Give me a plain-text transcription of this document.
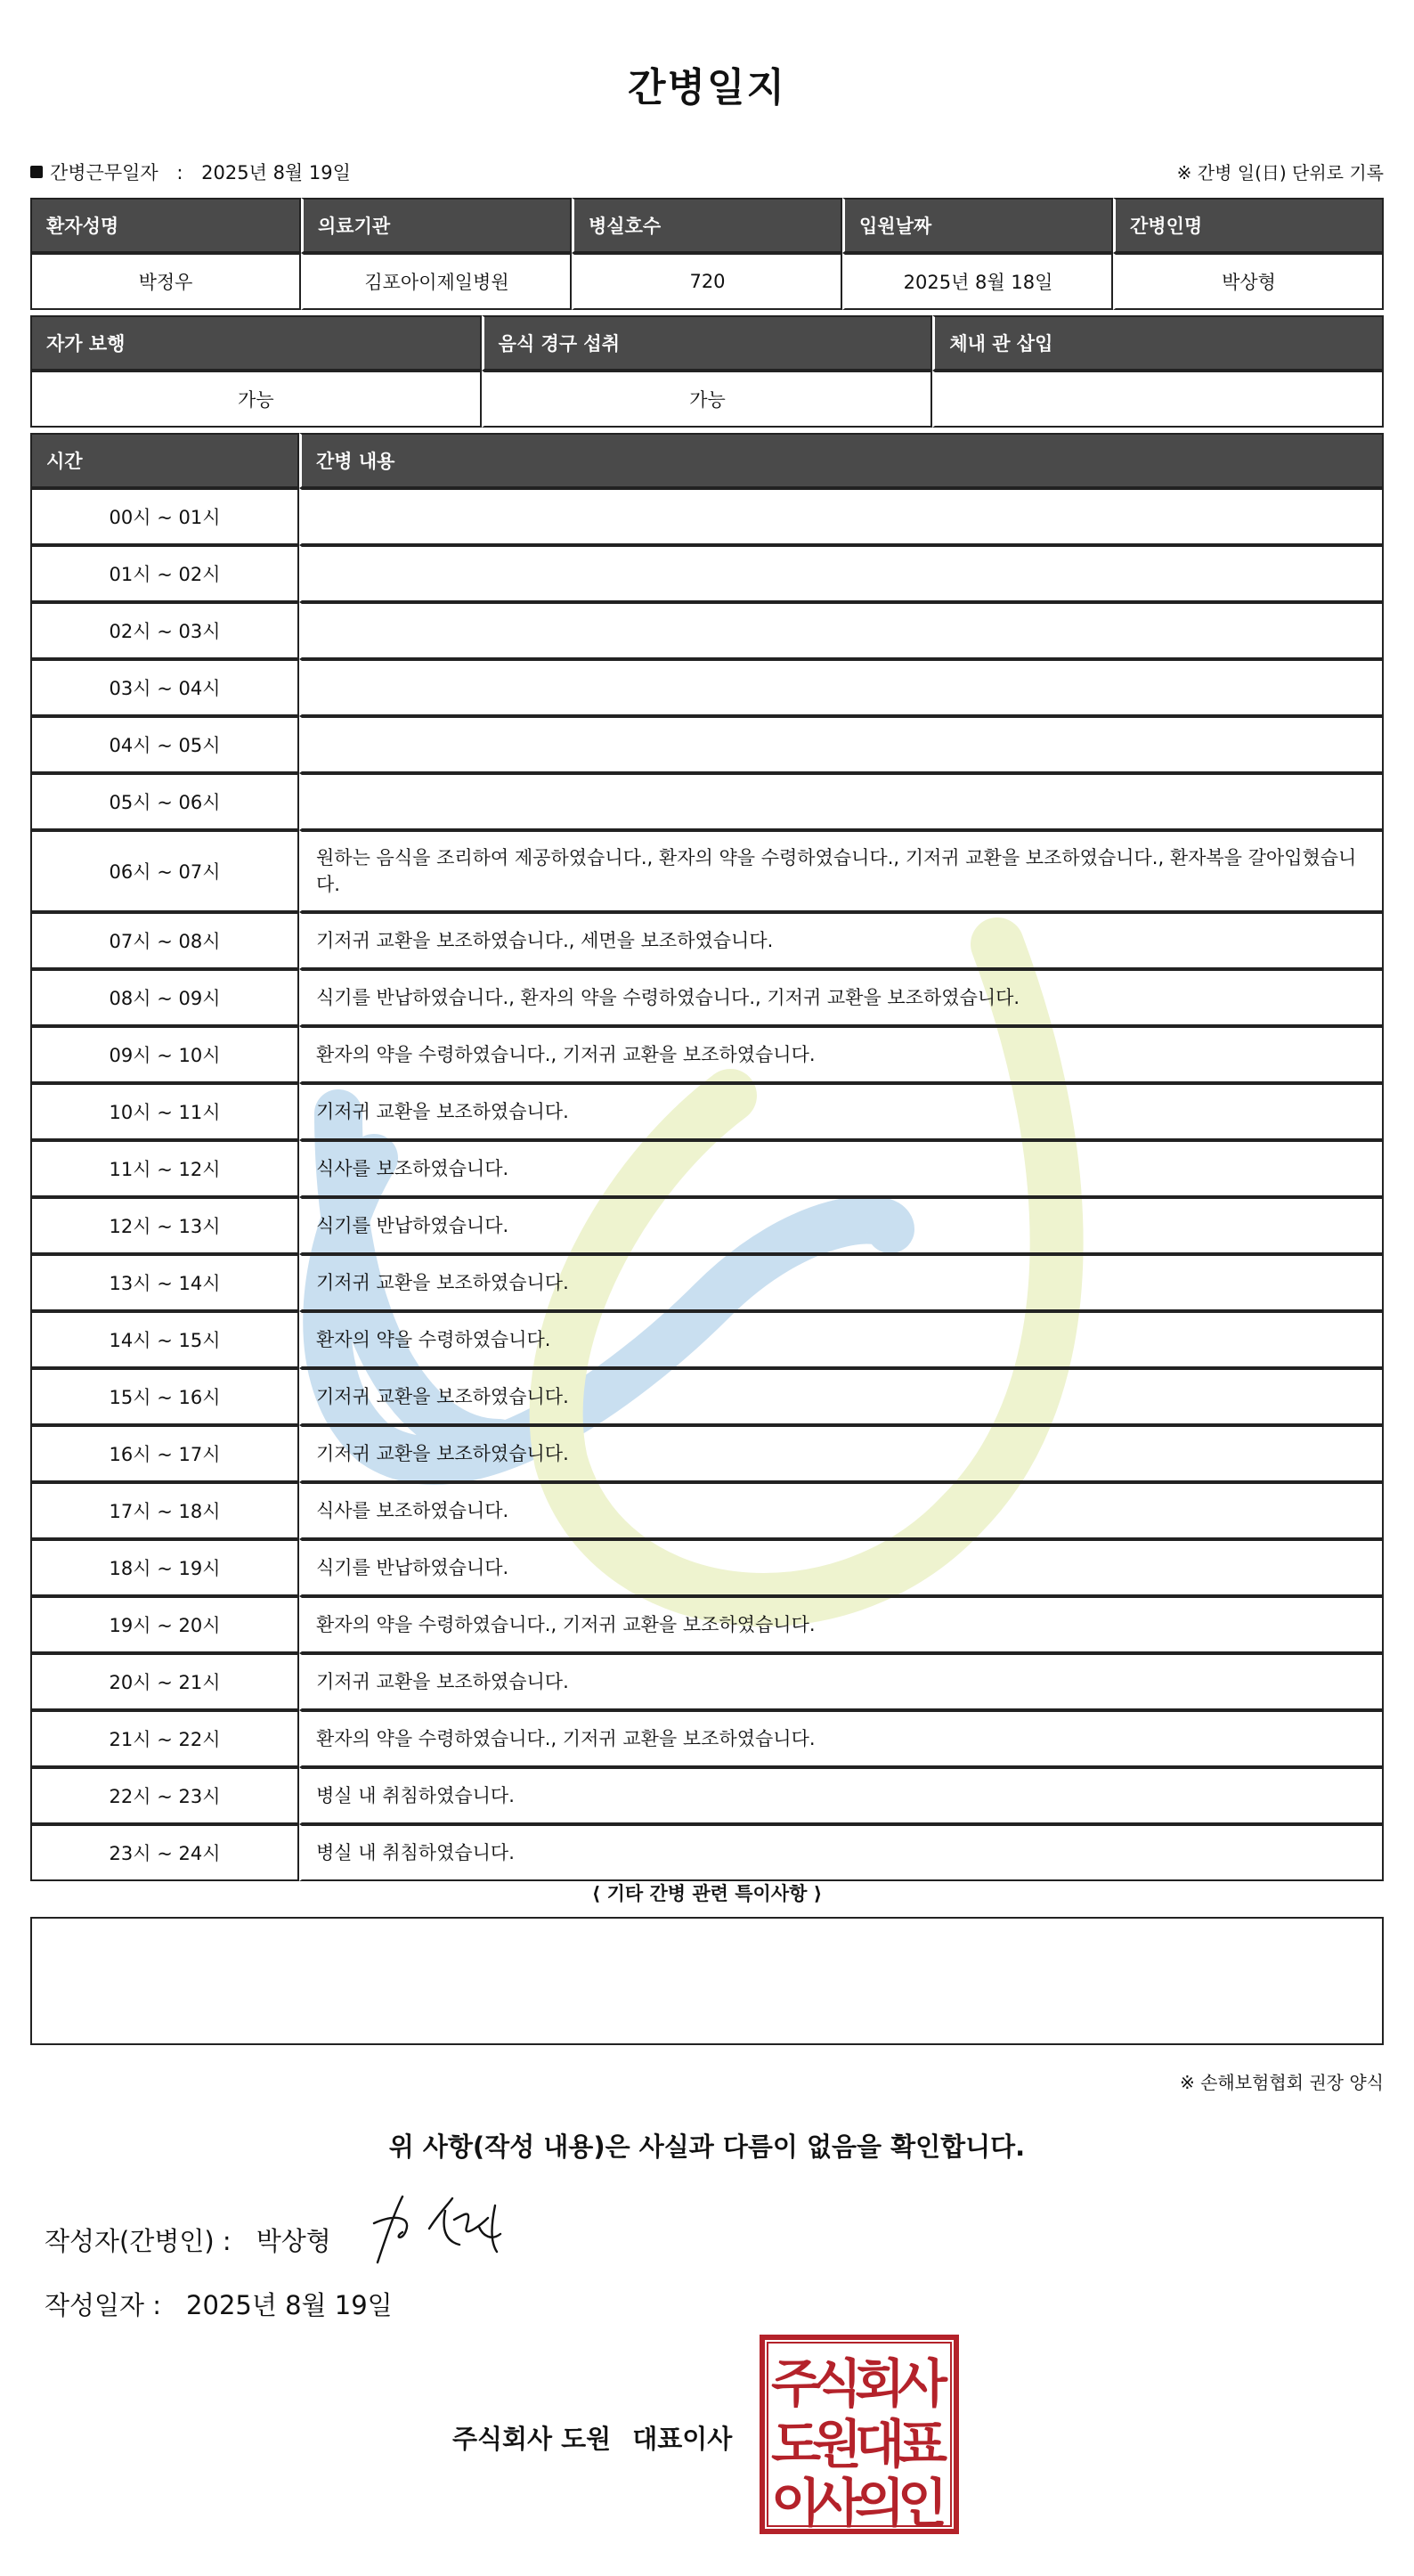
간병일지
간병근무일자 : 2025년 8월 19일	※ 간병 일(日) 단위로 기록
환자성명	의료기관	병실호수	입원날짜	간병인명
박정우	김포아이제일병원	720	2025년 8월 18일	박상형
자가 보행	음식 경구 섭취	체내 관 삽입
가능	가능	
시간	간병 내용
00시 ~ 01시	
01시 ~ 02시	
02시 ~ 03시	
03시 ~ 04시	
04시 ~ 05시	
05시 ~ 06시	
06시 ~ 07시	원하는 음식을 조리하여 제공하였습니다., 환자의 약을 수령하였습니다., 기저귀 교환을 보조하였습니다., 환자복을 갈아입혔습니다.
07시 ~ 08시	기저귀 교환을 보조하였습니다., 세면을 보조하였습니다.
08시 ~ 09시	식기를 반납하였습니다., 환자의 약을 수령하였습니다., 기저귀 교환을 보조하였습니다.
09시 ~ 10시	환자의 약을 수령하였습니다., 기저귀 교환을 보조하였습니다.
10시 ~ 11시	기저귀 교환을 보조하였습니다.
11시 ~ 12시	식사를 보조하였습니다.
12시 ~ 13시	식기를 반납하였습니다.
13시 ~ 14시	기저귀 교환을 보조하였습니다.
14시 ~ 15시	환자의 약을 수령하였습니다.
15시 ~ 16시	기저귀 교환을 보조하였습니다.
16시 ~ 17시	기저귀 교환을 보조하였습니다.
17시 ~ 18시	식사를 보조하였습니다.
18시 ~ 19시	식기를 반납하였습니다.
19시 ~ 20시	환자의 약을 수령하였습니다., 기저귀 교환을 보조하였습니다.
20시 ~ 21시	기저귀 교환을 보조하였습니다.
21시 ~ 22시	환자의 약을 수령하였습니다., 기저귀 교환을 보조하였습니다.
22시 ~ 23시	병실 내 취침하였습니다.
23시 ~ 24시	병실 내 취침하였습니다.
⟨ 기타 간병 관련 특이사항 ⟩
※ 손해보험협회 권장 양식
위 사항(작성 내용)은 사실과 다름이 없음을 확인합니다.
작성자(간병인) : 박상형
작성일자 : 2025년 8월 19일
주식회사 도원 대표이사
주
식
회
사
도
원
대
표
이
사
의
인
